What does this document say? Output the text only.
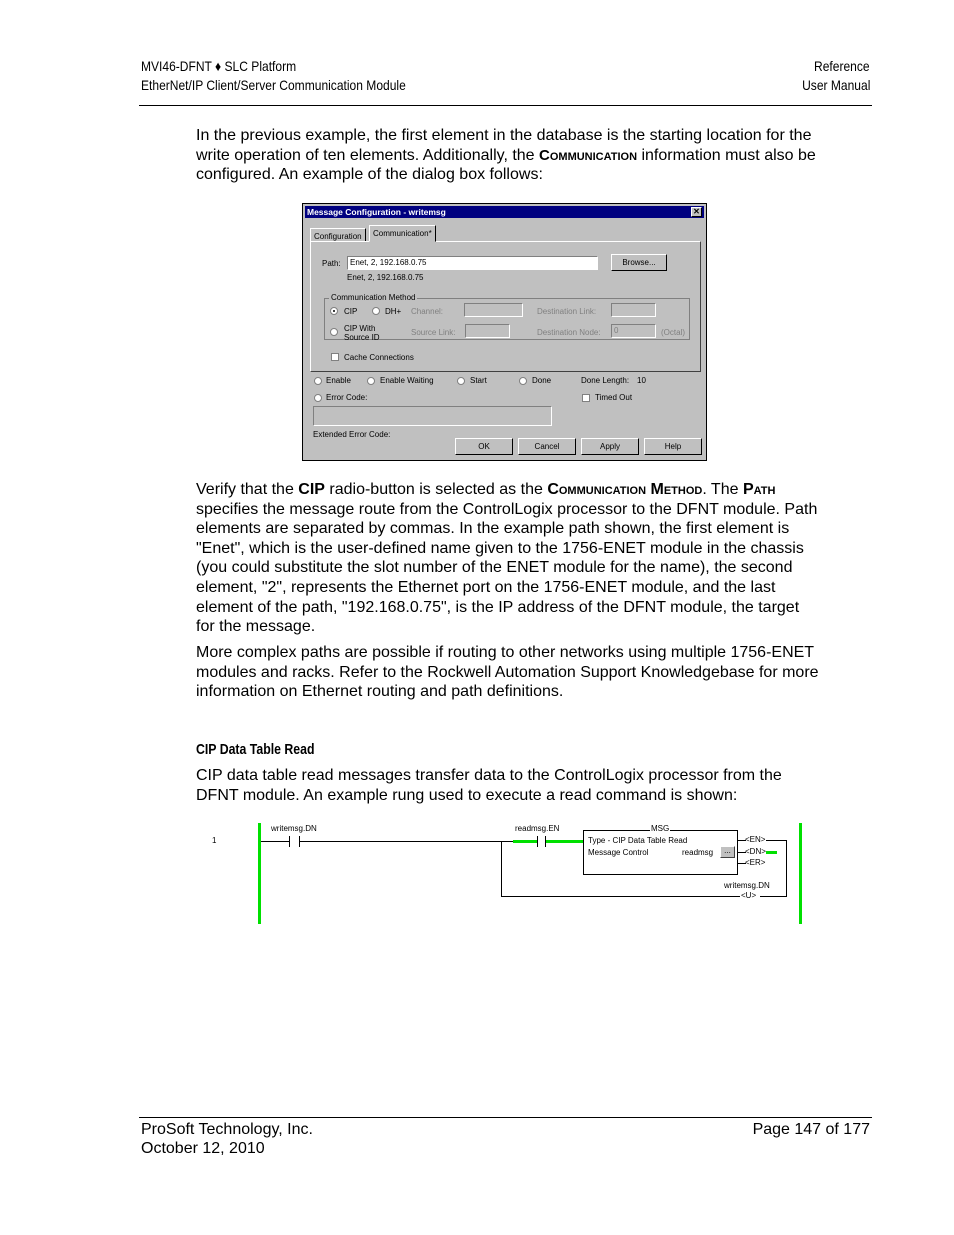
MVI46-DFNT ♦ SLC Platform
EtherNet/IP Client/Server Communication Module
Reference
User Manual
In the previous example, the first element in the database is the starting location for the write operation of ten elements. Additionally, the Communication information must also be configured. An example of the dialog box follows:
Message Configuration - writemsg	✕
Configuration	Communication*
Path:	Enet, 2, 192.168.0.75
Enet, 2, 192.168.0.75
Browse...
Communication Method
CIP	DH+ Channel:	Destination Link:
CIP With
Source ID
Source Link:	Destination Node:	0	(Octal)
Cache Connections
Enable	Enable Waiting	Start	Done	Done Length: 10
Error Code:	Timed Out
Extended Error Code:
OK	Cancel	Apply	Help
Verify that the CIP radio-button is selected as the Communication Method. The Path specifies the message route from the ControlLogix processor to the DFNT module. Path elements are separated by commas. In the example path shown, the first element is "Enet", which is the user-defined name given to the 1756-ENET module in the chassis (you could substitute the slot number of the ENET module for the name), the second element, "2", represents the Ethernet port on the 1756-ENET module, and the last element of the path, "192.168.0.75", is the IP address of the DFNT module, the target for the message.
More complex paths are possible if routing to other networks using multiple 1756-ENET modules and racks. Refer to the Rockwell Automation Support Knowledgebase for more information on Ethernet routing and path definitions.
CIP Data Table Read
CIP data table read messages transfer data to the ControlLogix processor from the DFNT module. An example rung used to execute a read command is shown:
1
writemsg.DN	readmsg.EN	MSG
Type - CIP Data Table Read
Message Control	readmsg	...
<EN>
<DN>
<ER>
writemsg.DN
<U>
ProSoft Technology, Inc.
October 12, 2010
Page 147 of 177
